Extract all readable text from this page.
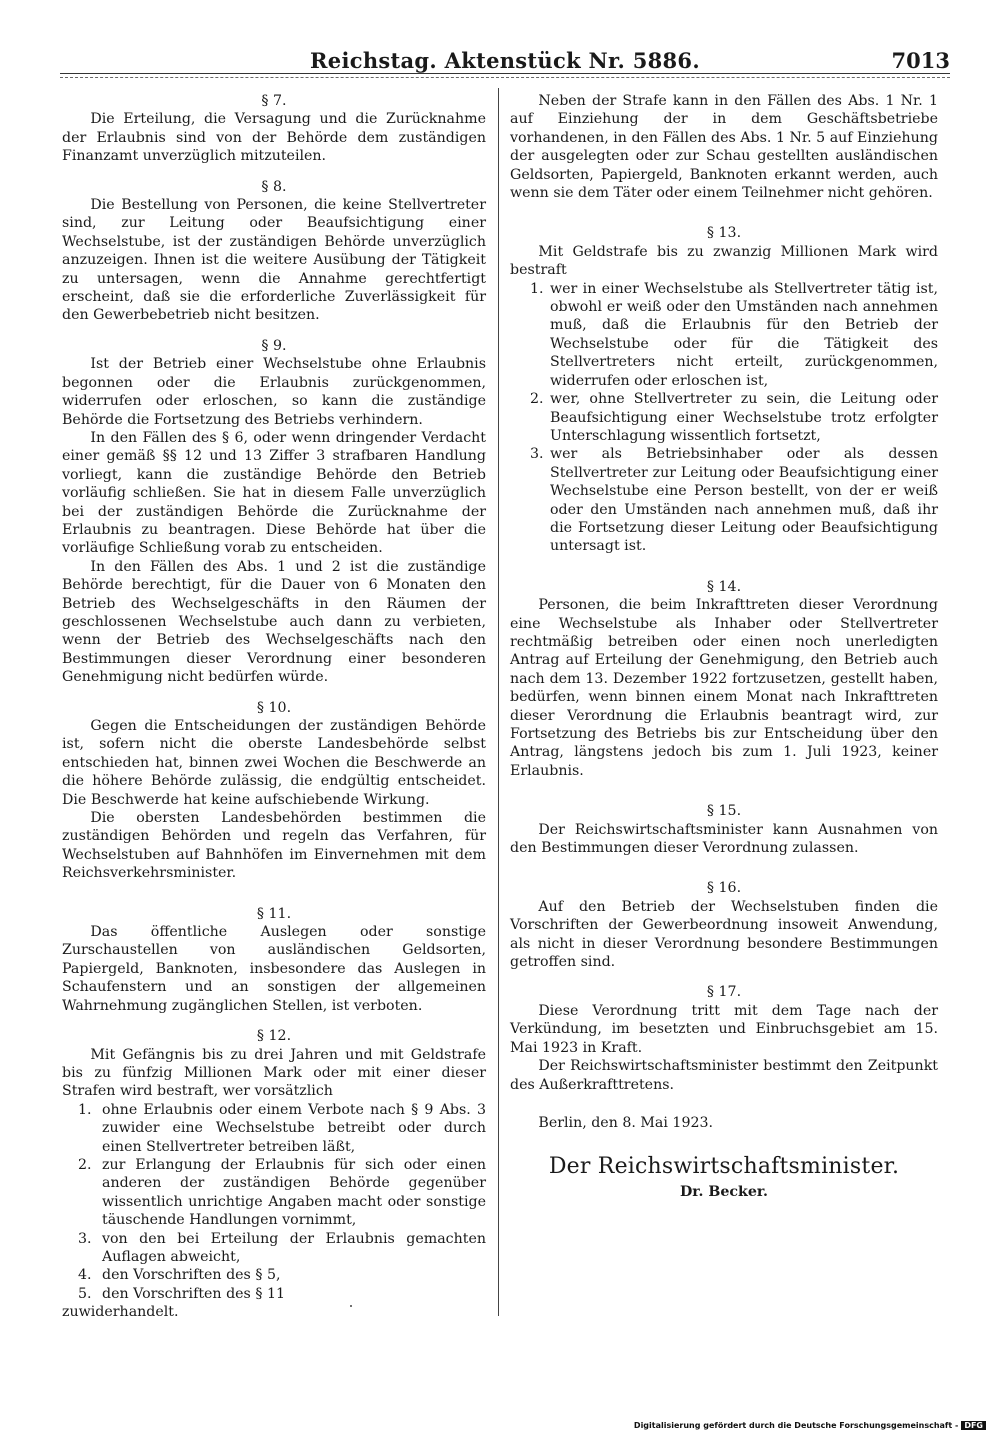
Reichstag. Aktenstück Nr. 5886.	7013
§ 7.

Die Erteilung, die Versagung und die Zurücknahme der Erlaubnis sind von der Behörde dem zuständigen Finanzamt unverzüglich mitzuteilen.

§ 8.

Die Bestellung von Personen, die keine Stellvertreter sind, zur Leitung oder Beaufsichtigung einer Wechselstube, ist der zuständigen Behörde unverzüglich anzuzeigen. Ihnen ist die weitere Ausübung der Tätigkeit zu untersagen, wenn die Annahme gerechtfertigt erscheint, daß sie die erforderliche Zuverlässigkeit für den Gewerbebetrieb nicht besitzen.

§ 9.

Ist der Betrieb einer Wechselstube ohne Erlaubnis begonnen oder die Erlaubnis zurückgenommen, widerrufen oder erloschen, so kann die zuständige Behörde die Fortsetzung des Betriebs verhindern.

In den Fällen des § 6, oder wenn dringender Verdacht einer gemäß §§ 12 und 13 Ziffer 3 strafbaren Handlung vorliegt, kann die zuständige Behörde den Betrieb vorläufig schließen. Sie hat in diesem Falle unverzüglich bei der zuständigen Behörde die Zurücknahme der Erlaubnis zu beantragen. Diese Behörde hat über die vorläufige Schließung vorab zu entscheiden.

In den Fällen des Abs. 1 und 2 ist die zuständige Behörde berechtigt, für die Dauer von 6 Monaten den Betrieb des Wechselgeschäfts in den Räumen der geschlossenen Wechselstube auch dann zu verbieten, wenn der Betrieb des Wechselgeschäfts nach den Bestimmungen dieser Verordnung einer besonderen Genehmigung nicht bedürfen würde.

§ 10.

Gegen die Entscheidungen der zuständigen Behörde ist, sofern nicht die oberste Landesbehörde selbst entschieden hat, binnen zwei Wochen die Beschwerde an die höhere Behörde zulässig, die endgültig entscheidet. Die Beschwerde hat keine aufschiebende Wirkung.

Die obersten Landesbehörden bestimmen die zuständigen Behörden und regeln das Verfahren, für Wechselstuben auf Bahnhöfen im Einvernehmen mit dem Reichsverkehrsminister.

§ 11.

Das öffentliche Auslegen oder sonstige Zurschaustellen von ausländischen Geldsorten, Papiergeld, Banknoten, insbesondere das Auslegen in Schaufenstern und an sonstigen der allgemeinen Wahrnehmung zugänglichen Stellen, ist verboten.

§ 12.

Mit Gefängnis bis zu drei Jahren und mit Geldstrafe bis zu fünfzig Millionen Mark oder mit einer dieser Strafen wird bestraft, wer vorsätzlich

1. ohne Erlaubnis oder einem Verbote nach § 9 Abs. 3 zuwider eine Wechselstube betreibt oder durch einen Stellvertreter betreiben läßt,
2. zur Erlangung der Erlaubnis für sich oder einen anderen der zuständigen Behörde gegenüber wissentlich unrichtige Angaben macht oder sonstige täuschende Handlungen vornimmt,
3. von den bei Erteilung der Erlaubnis gemachten Auflagen abweicht,
4. den Vorschriften des § 5,
5. den Vorschriften des § 11

zuwiderhandelt.

Neben der Strafe kann in den Fällen des Abs. 1 Nr. 1 auf Einziehung der in dem Geschäftsbetriebe vorhandenen, in den Fällen des Abs. 1 Nr. 5 auf Einziehung der ausgelegten oder zur Schau gestellten ausländischen Geldsorten, Papiergeld, Banknoten erkannt werden, auch wenn sie dem Täter oder einem Teilnehmer nicht gehören.

§ 13.

Mit Geldstrafe bis zu zwanzig Millionen Mark wird bestraft

1. wer in einer Wechselstube als Stellvertreter tätig ist, obwohl er weiß oder den Umständen nach annehmen muß, daß die Erlaubnis für den Betrieb der Wechselstube oder für die Tätigkeit des Stellvertreters nicht erteilt, zurückgenommen, widerrufen oder erloschen ist,
2. wer, ohne Stellvertreter zu sein, die Leitung oder Beaufsichtigung einer Wechselstube trotz erfolgter Unterschlagung wissentlich fortsetzt,
3. wer als Betriebsinhaber oder als dessen Stellvertreter zur Leitung oder Beaufsichtigung einer Wechselstube eine Person bestellt, von der er weiß oder den Umständen nach annehmen muß, daß ihr die Fortsetzung dieser Leitung oder Beaufsichtigung untersagt ist.
§ 14.

Personen, die beim Inkrafttreten dieser Verordnung eine Wechselstube als Inhaber oder Stellvertreter rechtmäßig betreiben oder einen noch unerledigten Antrag auf Erteilung der Genehmigung, den Betrieb auch nach dem 13. Dezember 1922 fortzusetzen, gestellt haben, bedürfen, wenn binnen einem Monat nach Inkrafttreten dieser Verordnung die Erlaubnis beantragt wird, zur Fortsetzung des Betriebs bis zur Entscheidung über den Antrag, längstens jedoch bis zum 1. Juli 1923, keiner Erlaubnis.

§ 15.

Der Reichswirtschaftsminister kann Ausnahmen von den Bestimmungen dieser Verordnung zulassen.

§ 16.

Auf den Betrieb der Wechselstuben finden die Vorschriften der Gewerbeordnung insoweit Anwendung, als nicht in dieser Verordnung besondere Bestimmungen getroffen sind.

§ 17.

Diese Verordnung tritt mit dem Tage nach der Verkündung, im besetzten und Einbruchsgebiet am 15. Mai 1923 in Kraft.

Der Reichswirtschaftsminister bestimmt den Zeitpunkt des Außerkrafttretens.

Berlin, den 8. Mai 1923.

Der Reichswirtschaftsminister.
Dr. Becker.
Digitalisierung gefördert durch die Deutsche Forschungsgemeinschaft - DFG
